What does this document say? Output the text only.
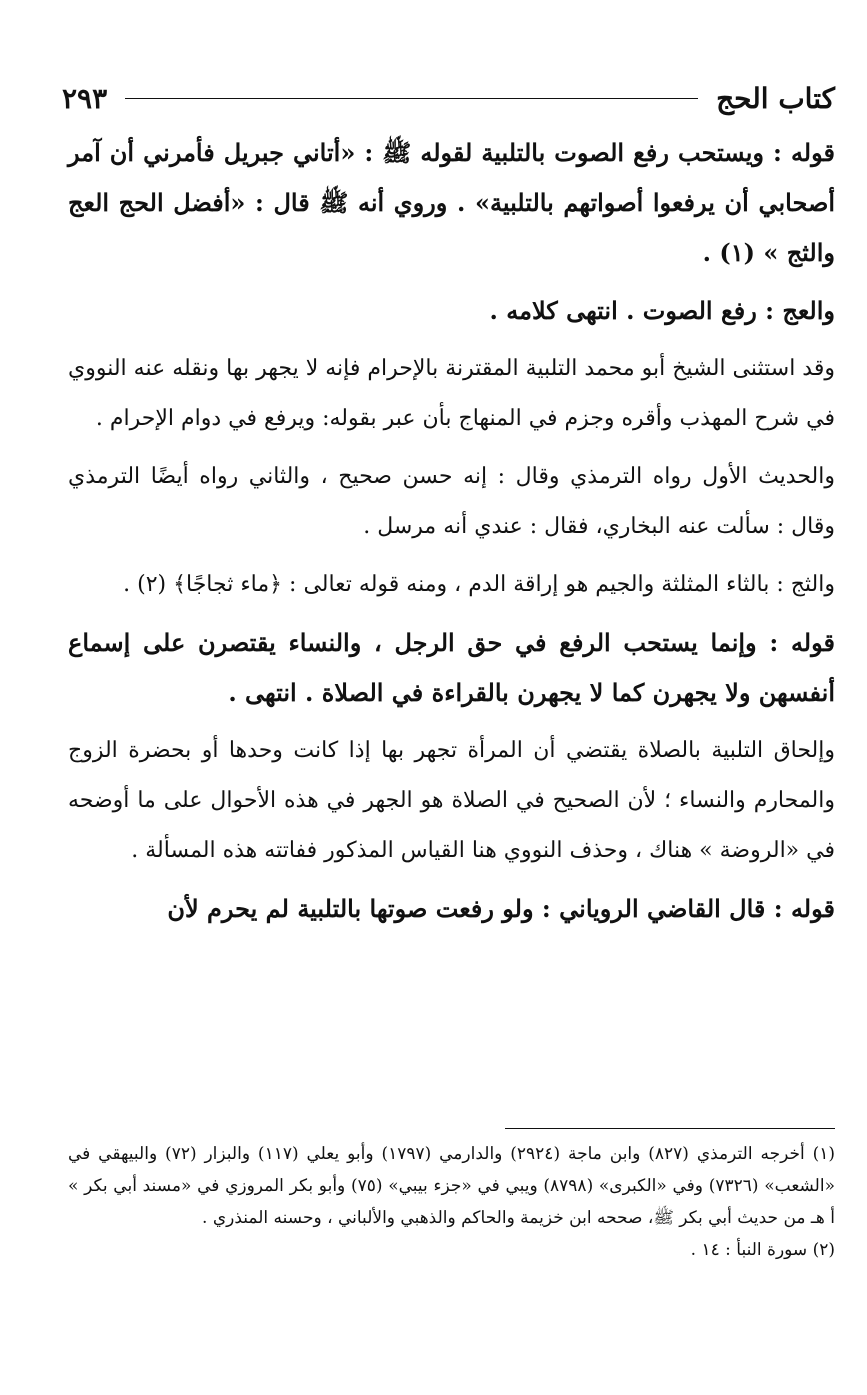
كتاب الحج
٢٩٣

قوله : ويستحب رفع الصوت بالتلبية لقوله ﷺ : «أتاني جبريل فأمرني أن آمر أصحابي أن يرفعوا أصواتهم بالتلبية» . وروي أنه ﷺ قال : «أفضل الحج العج والثج » (١) .

والعج : رفع الصوت . انتهى كلامه .

وقد استثنى الشيخ أبو محمد التلبية المقترنة بالإحرام فإنه لا يجهر بها ونقله عنه النووي في شرح المهذب وأقره وجزم في المنهاج بأن عبر بقوله: ويرفع في دوام الإحرام .

والحديث الأول رواه الترمذي وقال : إنه حسن صحيح ، والثاني رواه أيضًا الترمذي وقال : سألت عنه البخاري، فقال : عندي أنه مرسل .

والثج : بالثاء المثلثة والجيم هو إراقة الدم ، ومنه قوله تعالى : ﴿ماء ثجاجًا﴾ (٢) .

قوله : وإنما يستحب الرفع في حق الرجل ، والنساء يقتصرن على إسماع أنفسهن ولا يجهرن كما لا يجهرن بالقراءة في الصلاة . انتهى .

وإلحاق التلبية بالصلاة يقتضي أن المرأة تجهر بها إذا كانت وحدها أو بحضرة الزوج والمحارم والنساء ؛ لأن الصحيح في الصلاة هو الجهر في هذه الأحوال على ما أوضحه في «الروضة » هناك ، وحذف النووي هنا القياس المذكور ففاتته هذه المسألة .

قوله : قال القاضي الروياني : ولو رفعت صوتها بالتلبية لم يحرم لأن

(١) أخرجه الترمذي (٨٢٧) وابن ماجة (٢٩٢٤) والدارمي (١٧٩٧) وأبو يعلي (١١٧) والبزار (٧٢) والبيهقي في «الشعب» (٧٣٢٦) وفي «الكبرى» (٨٧٩٨) ويبي في «جزء بيبي» (٧٥) وأبو بكر المروزي في «مسند أبي بكر » أ هـ من حديث أبي بكر ﷺ، صححه ابن خزيمة والحاكم والذهبي والألباني ، وحسنه المنذري .

(٢) سورة النبأ : ١٤ .
